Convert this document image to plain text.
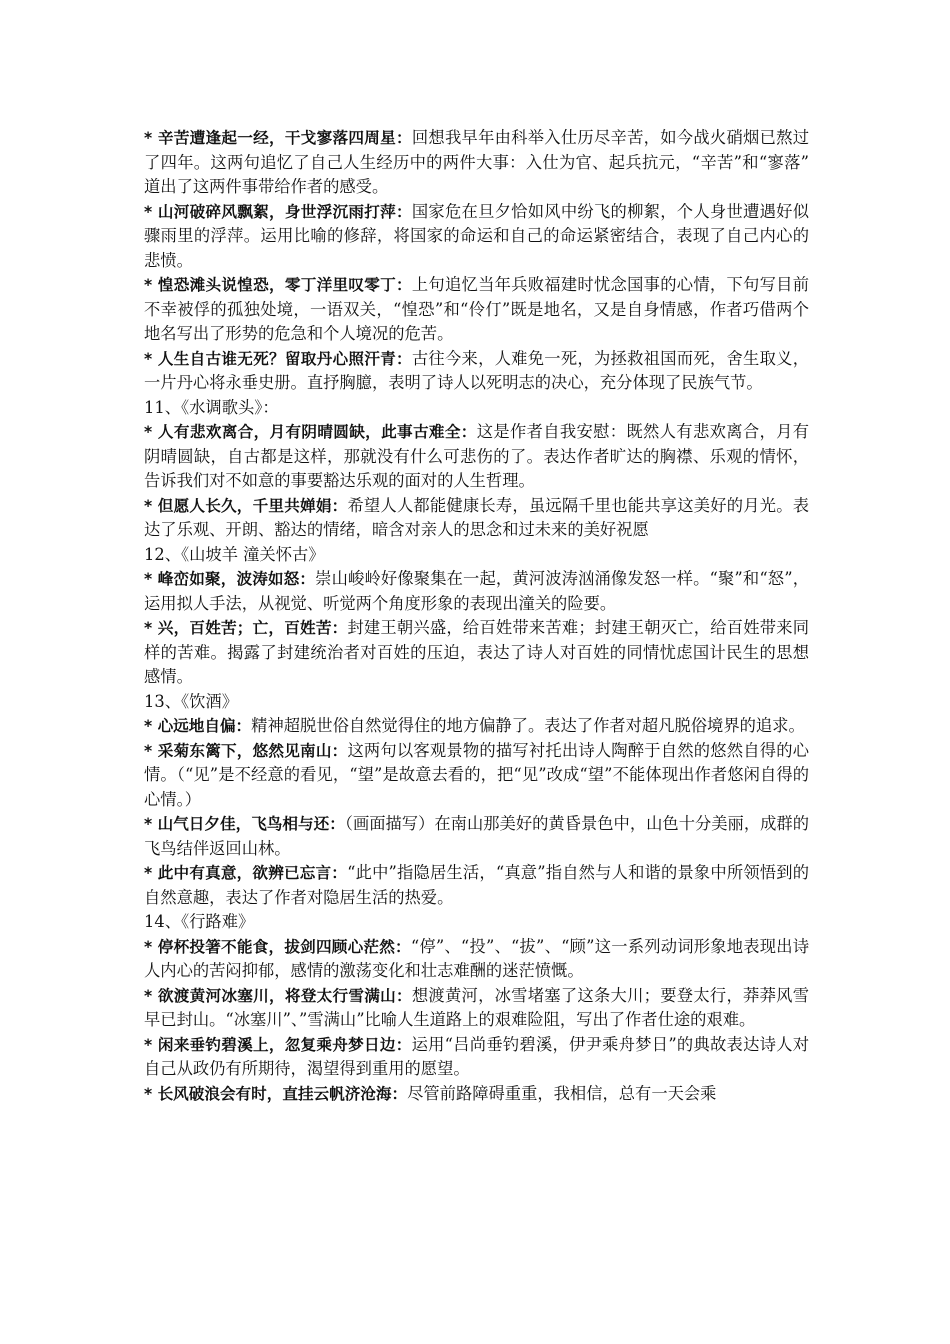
* 辛苦遭逢起一经，干戈寥落四周星：回想我早年由科举入仕历尽辛苦，如今战火硝烟已熬过了四年。这两句追忆了自己人生经历中的两件大事：入仕为官、起兵抗元，“辛苦”和“寥落”道出了这两件事带给作者的感受。

* 山河破碎风飘絮，身世浮沉雨打萍：国家危在旦夕恰如风中纷飞的柳絮，个人身世遭遇好似骤雨里的浮萍。运用比喻的修辞，将国家的命运和自己的命运紧密结合，表现了自己内心的悲愤。

* 惶恐滩头说惶恐，零丁洋里叹零丁：上句追忆当年兵败福建时忧念国事的心情，下句写目前不幸被俘的孤独处境，一语双关，“惶恐”和“伶仃”既是地名，又是自身情感，作者巧借两个地名写出了形势的危急和个人境况的危苦。

* 人生自古谁无死？留取丹心照汗青：古往今来，人难免一死，为拯救祖国而死，舍生取义，一片丹心将永垂史册。直抒胸臆，表明了诗人以死明志的决心，充分体现了民族气节。

11、《水调歌头》：

* 人有悲欢离合，月有阴晴圆缺，此事古难全：这是作者自我安慰：既然人有悲欢离合，月有阴晴圆缺，自古都是这样，那就没有什么可悲伤的了。表达作者旷达的胸襟、乐观的情怀，告诉我们对不如意的事要豁达乐观的面对的人生哲理。

* 但愿人长久，千里共婵娟：希望人人都能健康长寿，虽远隔千里也能共享这美好的月光。表达了乐观、开朗、豁达的情绪，暗含对亲人的思念和过未来的美好祝愿

12、《山坡羊 潼关怀古》

* 峰峦如聚，波涛如怒：崇山峻岭好像聚集在一起，黄河波涛汹涌像发怒一样。“聚”和“怒”，运用拟人手法，从视觉、听觉两个角度形象的表现出潼关的险要。

* 兴，百姓苦；亡，百姓苦：封建王朝兴盛，给百姓带来苦难；封建王朝灭亡，给百姓带来同样的苦难。揭露了封建统治者对百姓的压迫，表达了诗人对百姓的同情忧虑国计民生的思想感情。

13、《饮酒》

* 心远地自偏：精神超脱世俗自然觉得住的地方偏静了。表达了作者对超凡脱俗境界的追求。

* 采菊东篱下，悠然见南山：这两句以客观景物的描写衬托出诗人陶醉于自然的悠然自得的心情。（“见”是不经意的看见，“望”是故意去看的，把“见”改成“望”不能体现出作者悠闲自得的心情。）

* 山气日夕佳，飞鸟相与还：（画面描写）在南山那美好的黄昏景色中，山色十分美丽，成群的飞鸟结伴返回山林。

* 此中有真意，欲辨已忘言：“此中”指隐居生活，“真意”指自然与人和谐的景象中所领悟到的自然意趣，表达了作者对隐居生活的热爱。

14、《行路难》

* 停杯投箸不能食，拔剑四顾心茫然：“停”、“投”、“拔”、“顾”这一系列动词形象地表现出诗人内心的苦闷抑郁，感情的激荡变化和壮志难酬的迷茫愤慨。

* 欲渡黄河冰塞川，将登太行雪满山：想渡黄河，冰雪堵塞了这条大川；要登太行，莽莽风雪早已封山。“冰塞川”、”雪满山”比喻人生道路上的艰难险阻，写出了作者仕途的艰难。

* 闲来垂钓碧溪上，忽复乘舟梦日边：运用“吕尚垂钓碧溪，伊尹乘舟梦日”的典故表达诗人对自己从政仍有所期待，渴望得到重用的愿望。

* 长风破浪会有时，直挂云帆济沧海：尽管前路障碍重重，我相信，总有一天会乘
